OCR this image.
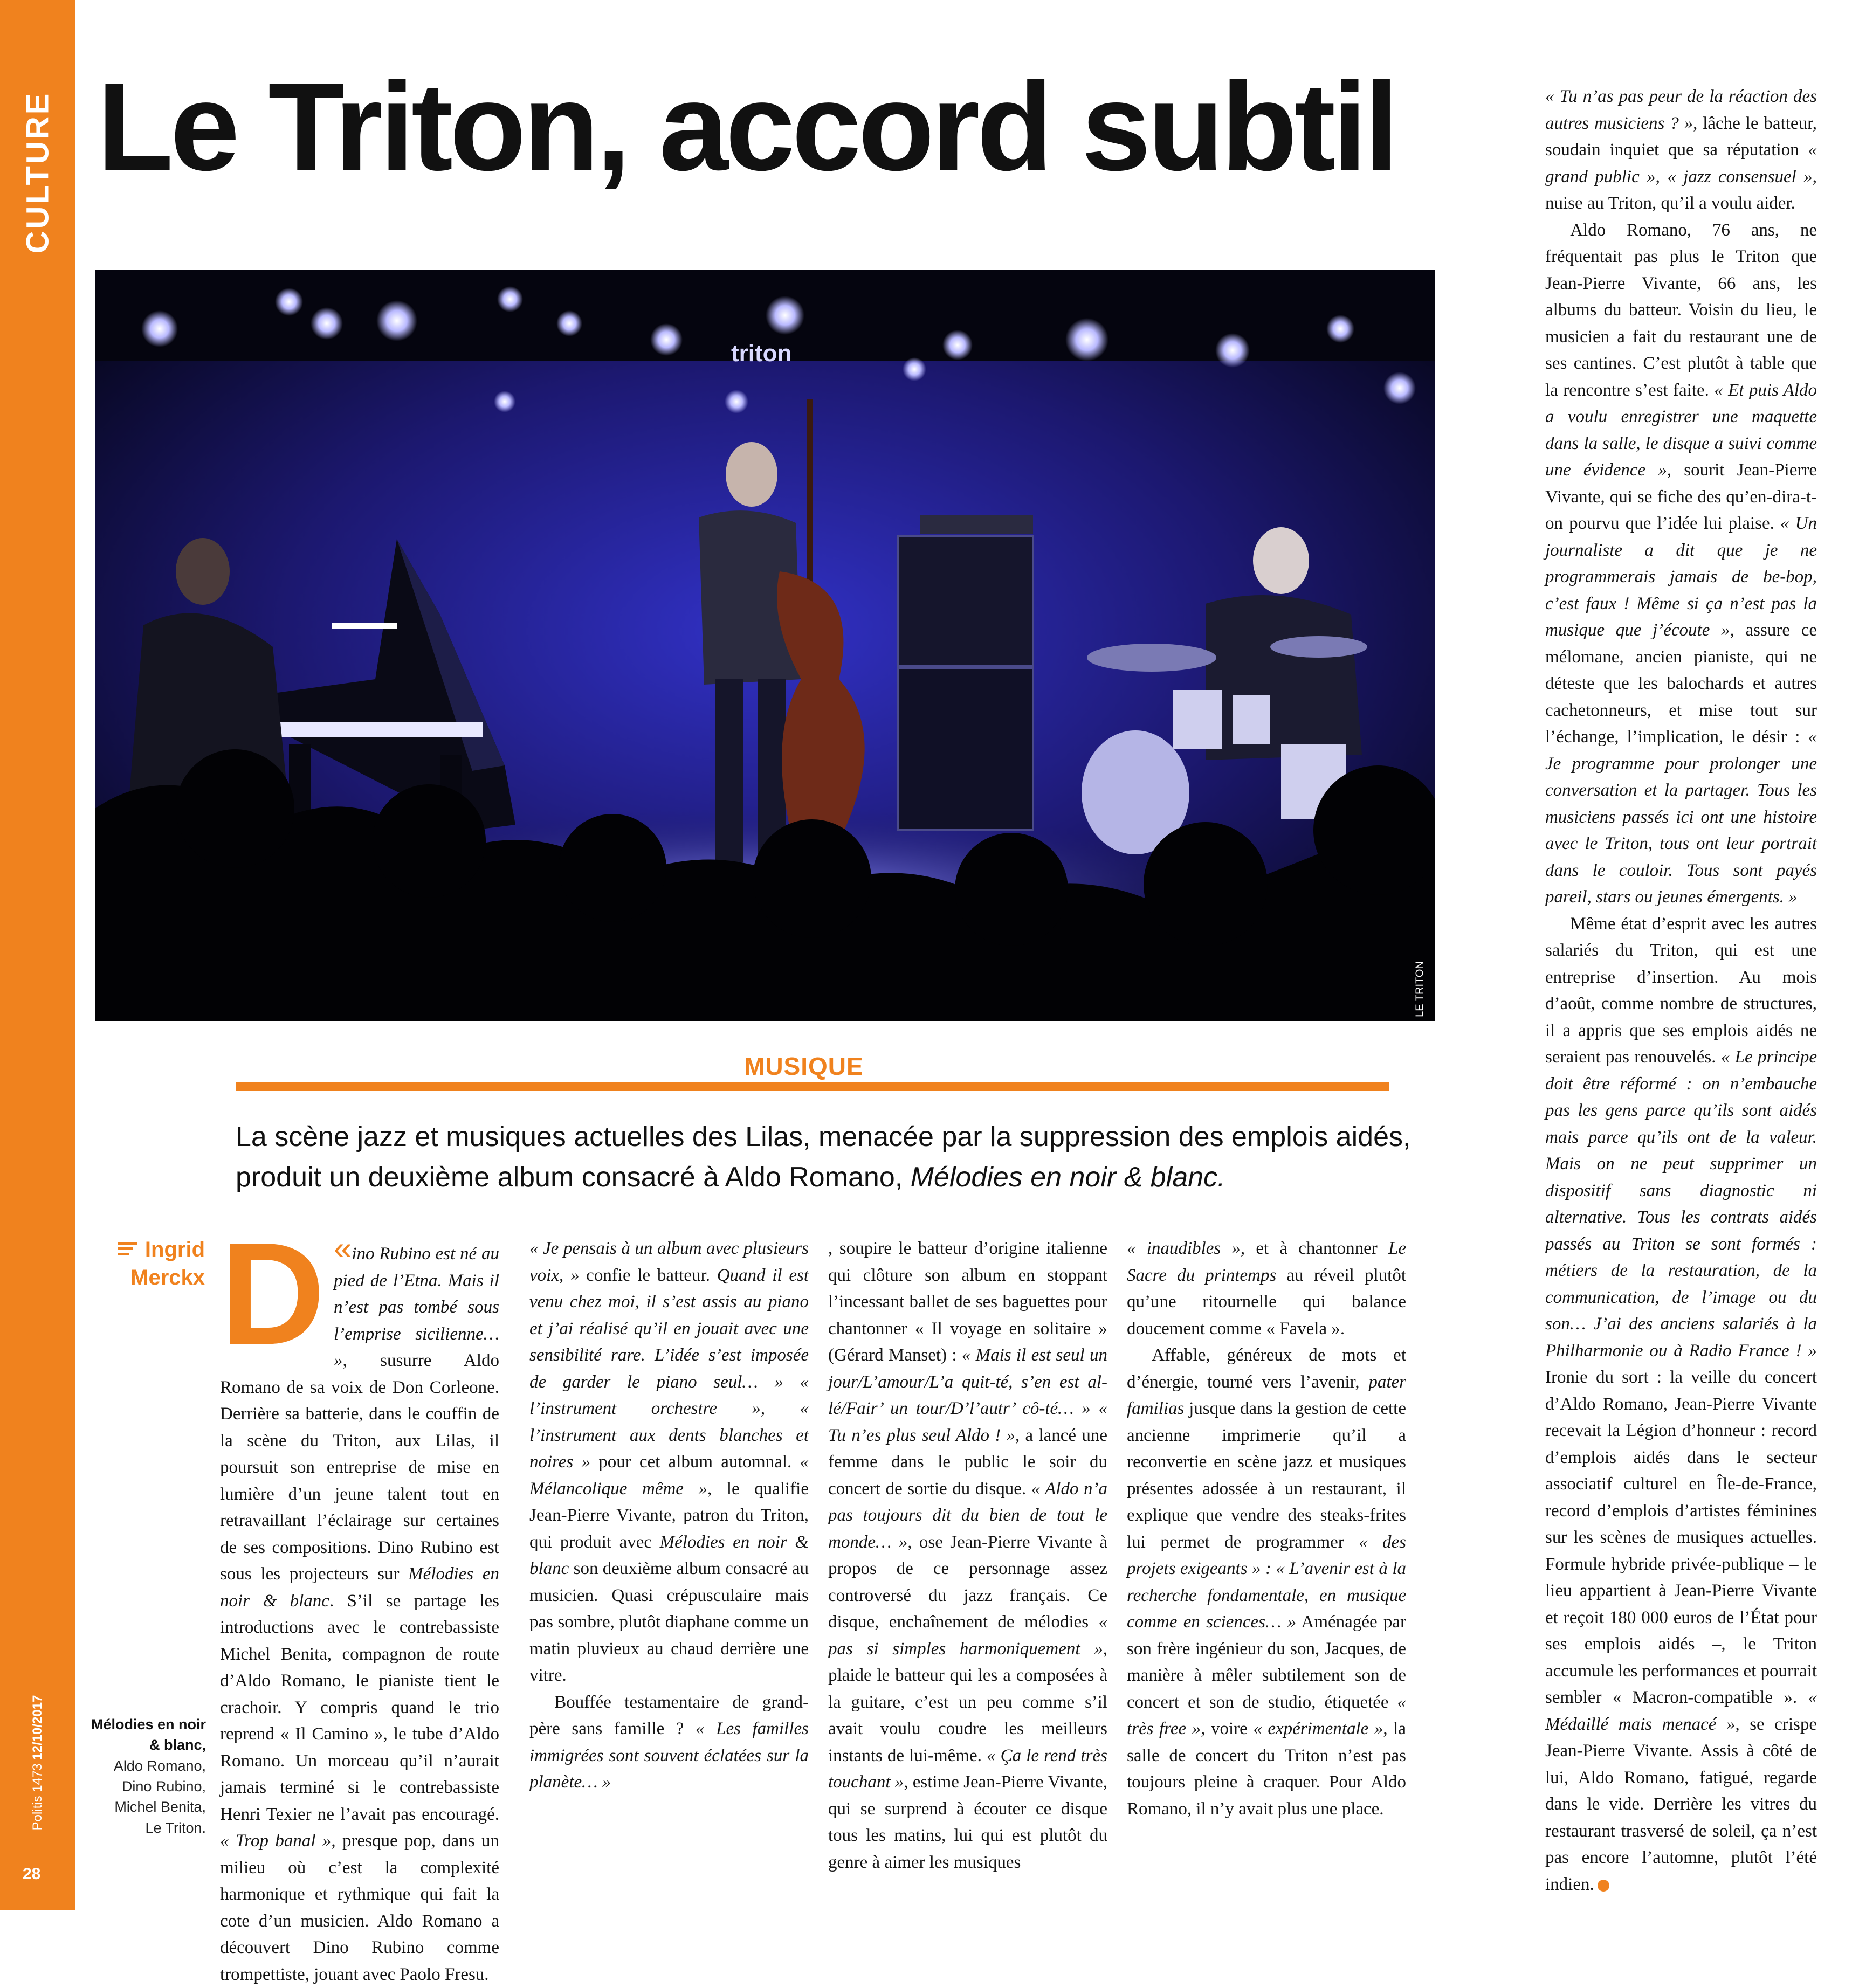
CULTURE
Politis 1473 12/10/2017
28
Le Triton, accord subtil
triton
LE TRITON
MUSIQUE

La scène jazz et musiques actuelles des Lilas, menacée par la suppression des emplois aidés, produit un deuxième album consacré à Aldo Romano, Mélodies en noir & blanc.

Ingrid
Merckx
Mélodies en noir & blanc,
Aldo Romano,
Dino Rubino,
Michel Benita,
Le Triton.

«
D ino Rubino est né au pied de l’Etna. Mais il n’est pas tombé sous l’emprise sicilienne… », susurre Aldo Romano de sa voix de Don Corleone. Derrière sa batterie, dans le couffin de la scène du Triton, aux Lilas, il poursuit son entreprise de mise en lumière d’un jeune talent tout en retravaillant l’éclairage sur certaines de ses compositions. Dino Rubino est sous les projecteurs sur Mélodies en noir & blanc. S’il se partage les introductions avec le contrebassiste Michel Benita, compagnon de route d’Aldo Romano, le pianiste tient le crachoir. Y compris quand le trio reprend « Il Camino », le tube d’Aldo Romano. Un morceau qu’il n’aurait jamais terminé si le contrebassiste Henri Texier ne l’avait pas encouragé. « Trop banal », presque pop, dans un milieu où c’est la complexité harmonique et rythmique qui fait la cote d’un musicien. Aldo Romano a découvert Dino Rubino comme trompettiste, jouant avec Paolo Fresu.

« Je pensais à un album avec plusieurs voix, » confie le batteur. Quand il est venu chez moi, il s’est assis au piano et j’ai réalisé qu’il en jouait avec une sensibilité rare. L’idée s’est imposée de garder le piano seul… » « l’instrument orchestre », « l’instrument aux dents blanches et noires » pour cet album automnal. « Mélancolique même », le qualifie Jean-Pierre Vivante, patron du Triton, qui produit avec Mélodies en noir & blanc son deuxième album consacré au musicien. Quasi crépusculaire mais pas sombre, plutôt diaphane comme un matin pluvieux au chaud derrière une vitre.

Bouffée testamentaire de grand-père sans famille ? « Les familles immigrées sont souvent éclatées sur la planète… »

, soupire le batteur d’origine italienne qui clôture son album en stoppant l’incessant ballet de ses baguettes pour chantonner « Il voyage en solitaire » (Gérard Manset) : « Mais il est seul un jour/L’amour/L’a quit-té, s’en est al-lé/Fair’ un tour/D’l’autr’ cô-té… » « Tu n’es plus seul Aldo ! », a lancé une femme dans le public le soir du concert de sortie du disque. « Aldo n’a pas toujours dit du bien de tout le monde… », ose Jean-Pierre Vivante à propos de ce personnage assez controversé du jazz français. Ce disque, enchaînement de mélodies « pas si simples harmoniquement », plaide le batteur qui les a composées à la guitare, c’est un peu comme s’il avait voulu coudre les meilleurs instants de lui-même. « Ça le rend très touchant », estime Jean-Pierre Vivante, qui se surprend à écouter ce disque tous les matins, lui qui est plutôt du genre à aimer les musiques

« inaudibles », et à chantonner Le Sacre du printemps au réveil plutôt qu’une ritournelle qui balance doucement comme « Favela ».

Affable, généreux de mots et d’énergie, tourné vers l’avenir, pater familias jusque dans la gestion de cette ancienne imprimerie qu’il a reconvertie en scène jazz et musiques présentes adossée à un restaurant, il explique que vendre des steaks-frites lui permet de programmer « des projets exigeants » : « L’avenir est à la recherche fondamentale, en musique comme en sciences… » Aménagée par son frère ingénieur du son, Jacques, de manière à mêler subtilement son de concert et son de studio, étiquetée « très free », voire « expérimentale », la salle de concert du Triton n’est pas toujours pleine à craquer. Pour Aldo Romano, il n’y avait plus une place.

« Tu n’as pas peur de la réaction des autres musiciens ? », lâche le batteur, soudain inquiet que sa réputation « grand public », « jazz consensuel », nuise au Triton, qu’il a voulu aider.

Aldo Romano, 76 ans, ne fréquentait pas plus le Triton que Jean-Pierre Vivante, 66 ans, les albums du batteur. Voisin du lieu, le musicien a fait du restaurant une de ses cantines. C’est plutôt à table que la rencontre s’est faite. « Et puis Aldo a voulu enregistrer une maquette dans la salle, le disque a suivi comme une évidence », sourit Jean-Pierre Vivante, qui se fiche des qu’en-dira-t-on pourvu que l’idée lui plaise. « Un journaliste a dit que je ne programmerais jamais de be-bop, c’est faux ! Même si ça n’est pas la musique que j’écoute », assure ce mélomane, ancien pianiste, qui ne déteste que les balochards et autres cachetonneurs, et mise tout sur l’échange, l’implication, le désir : « Je programme pour prolonger une conversation et la partager. Tous les musiciens passés ici ont une histoire avec le Triton, tous ont leur portrait dans le couloir. Tous sont payés pareil, stars ou jeunes émergents. »

Même état d’esprit avec les autres salariés du Triton, qui est une entreprise d’insertion. Au mois d’août, comme nombre de structures, il a appris que ses emplois aidés ne seraient pas renouvelés. « Le principe doit être réformé : on n’embauche pas les gens parce qu’ils sont aidés mais parce qu’ils ont de la valeur. Mais on ne peut supprimer un dispositif sans diagnostic ni alternative. Tous les contrats aidés passés au Triton se sont formés : métiers de la restauration, de la communication, de l’image ou du son… J’ai des anciens salariés à la Philharmonie ou à Radio France ! » Ironie du sort : la veille du concert d’Aldo Romano, Jean-Pierre Vivante recevait la Légion d’honneur : record d’emplois aidés dans le secteur associatif culturel en Île-de-France, record d’emplois d’artistes féminines sur les scènes de musiques actuelles. Formule hybride privée-publique – le lieu appartient à Jean-Pierre Vivante et reçoit 180 000 euros de l’État pour ses emplois aidés –, le Triton accumule les performances et pourrait sembler « Macron-compatible ». « Médaillé mais menacé », se crispe Jean-Pierre Vivante. Assis à côté de lui, Aldo Romano, fatigué, regarde dans le vide. Derrière les vitres du restaurant trasversé de soleil, ça n’est pas encore l’automne, plutôt l’été indien.
